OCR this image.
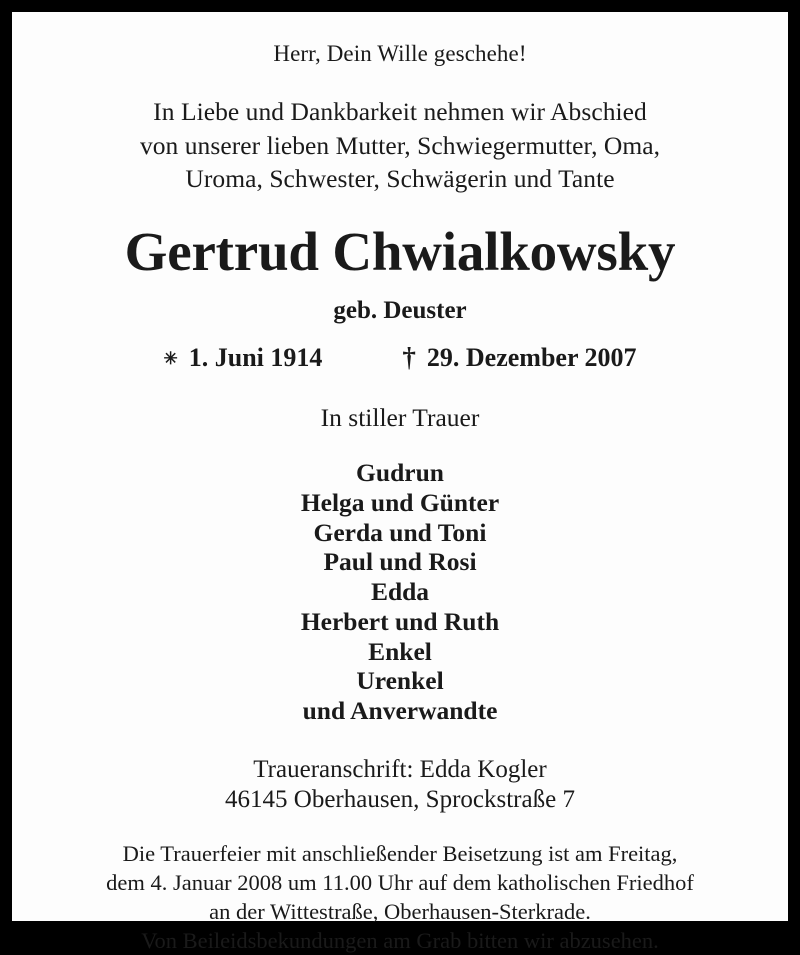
Herr, Dein Wille geschehe!
In Liebe und Dankbarkeit nehmen wir Abschied
von unserer lieben Mutter, Schwiegermutter, Oma,
Uroma, Schwester, Schwägerin und Tante
Gertrud Chwialkowsky
geb. Deuster
✳ 1. Juni 1914	† 29. Dezember 2007
In stiller Trauer
Gudrun
Helga und Günter
Gerda und Toni
Paul und Rosi
Edda
Herbert und Ruth
Enkel
Urenkel
und Anverwandte
Traueranschrift: Edda Kogler
46145 Oberhausen, Sprockstraße 7
Die Trauerfeier mit anschließender Beisetzung ist am Freitag,
dem 4. Januar 2008 um 11.00 Uhr auf dem katholischen Friedhof
an der Wittestraße, Oberhausen-Sterkrade.
Von Beileidsbekundungen am Grab bitten wir abzusehen.
